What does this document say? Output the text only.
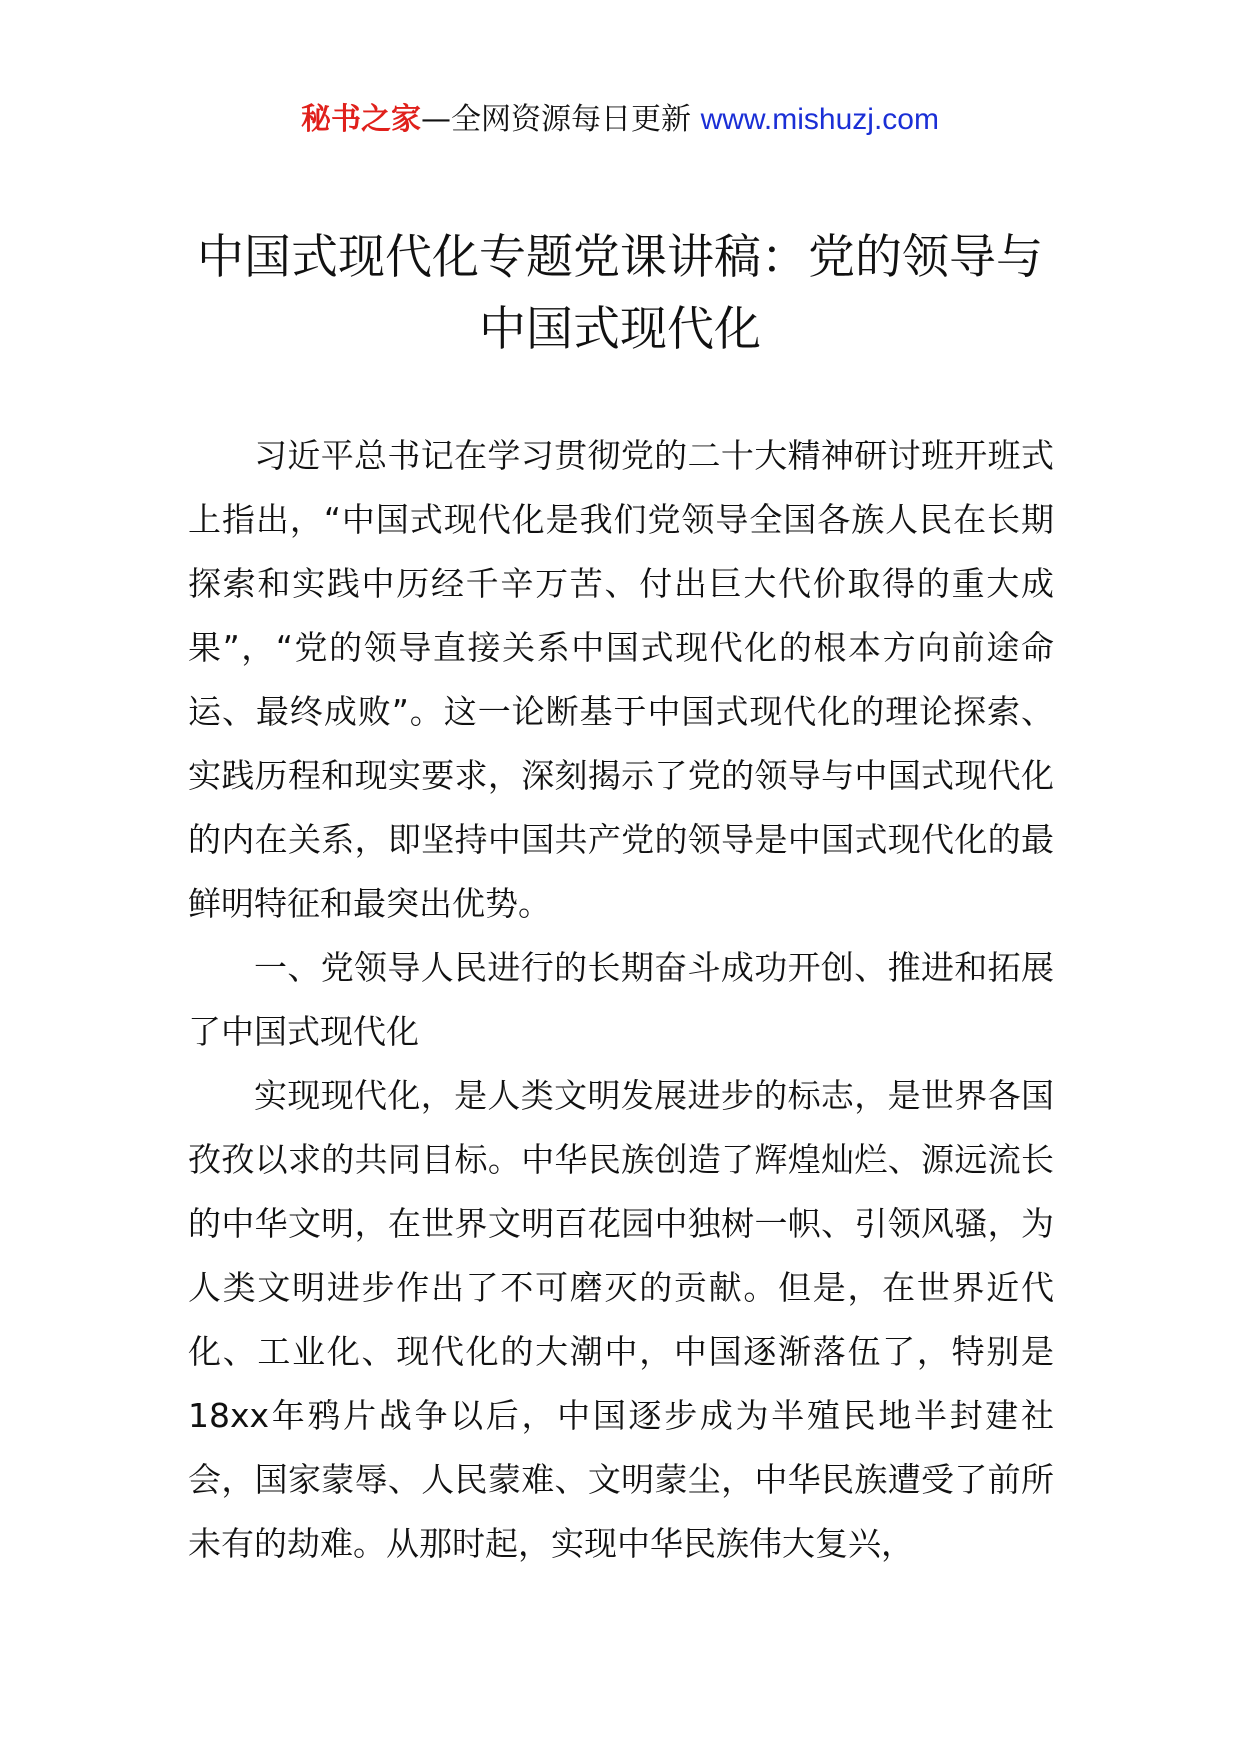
秘书之家—全网资源每日更新 www.mishuzj.com
中国式现代化专题党课讲稿：党的领导与
中国式现代化

习近平总书记在学习贯彻党的二十大精神研讨班开班式上指出，“中国式现代化是我们党领导全国各族人民在长期探索和实践中历经千辛万苦、付出巨大代价取得的重大成果”，“党的领导直接关系中国式现代化的根本方向前途命运、最终成败”。这一论断基于中国式现代化的理论探索、实践历程和现实要求，深刻揭示了党的领导与中国式现代化的内在关系，即坚持中国共产党的领导是中国式现代化的最鲜明特征和最突出优势。

一、党领导人民进行的长期奋斗成功开创、推进和拓展了中国式现代化

实现现代化，是人类文明发展进步的标志，是世界各国孜孜以求的共同目标。中华民族创造了辉煌灿烂、源远流长的中华文明，在世界文明百花园中独树一帜、引领风骚，为人类文明进步作出了不可磨灭的贡献。但是，在世界近代化、工业化、现代化的大潮中，中国逐渐落伍了，特别是18xx年鸦片战争以后，中国逐步成为半殖民地半封建社会，国家蒙辱、人民蒙难、文明蒙尘，中华民族遭受了前所未有的劫难。从那时起，实现中华民族伟大复兴，
